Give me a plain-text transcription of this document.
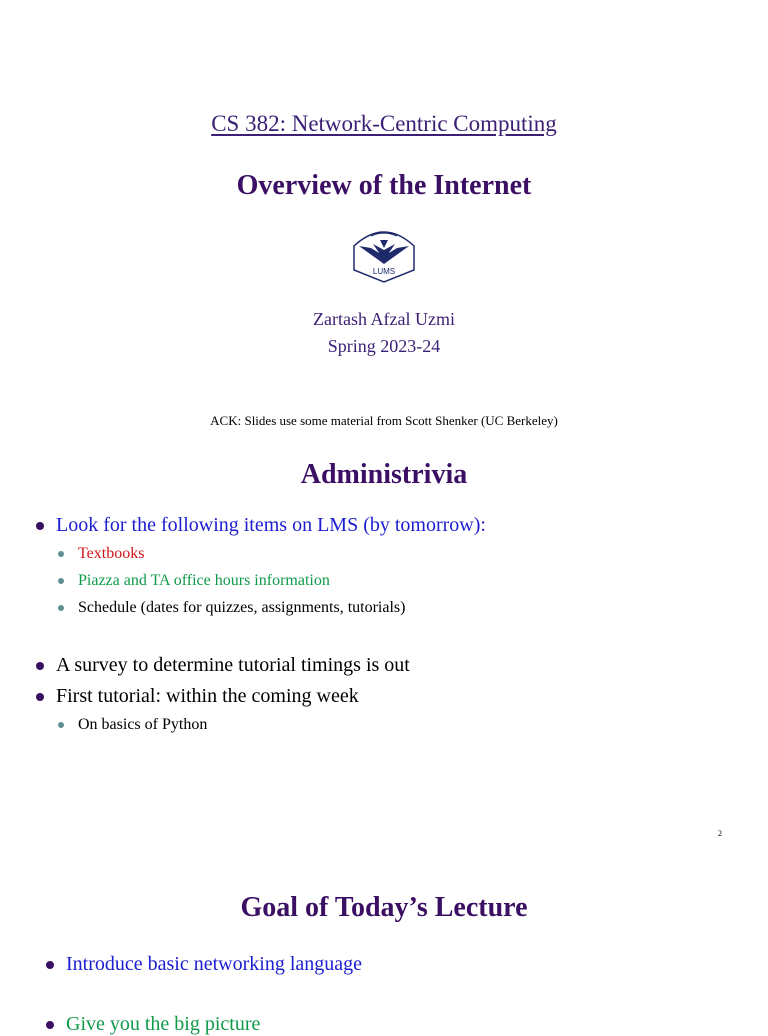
CS 382: Network-Centric Computing
Overview of the Internet
LUMS
Zartash Afzal Uzmi
Spring 2023-24
ACK: Slides use some material from Scott Shenker (UC Berkeley)
Administrivia
Look for the following items on LMS (by tomorrow):
Textbooks
Piazza and TA office hours information
Schedule (dates for quizzes, assignments, tutorials)
A survey to determine tutorial timings is out
First tutorial: within the coming week
On basics of Python
2
Goal of Today’s Lecture
Introduce basic networking language
Give you the big picture
